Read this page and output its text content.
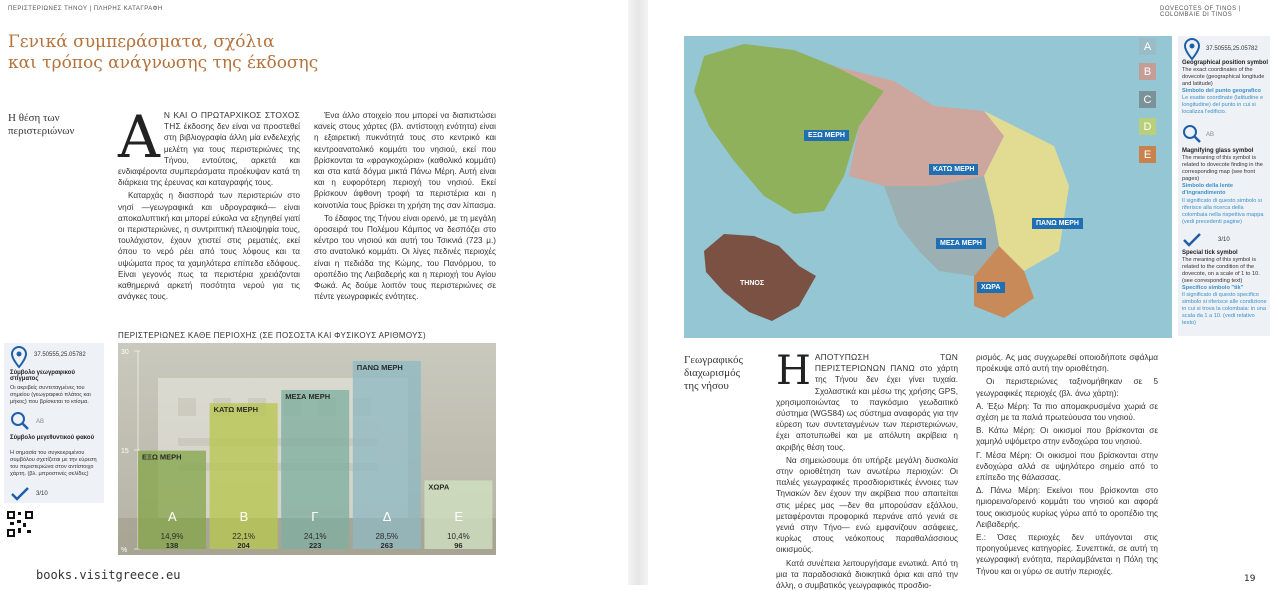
ΠΕΡΙΣΤΕΡΙΩΝΕΣ ΤΗΝΟΥ | ΠΛΗΡΗΣ ΚΑΤΑΓΡΑΦΗ
Γενικά συμπεράσματα, σχόλια
και τρόπος ανάγνωσης της έκδοσης
Η θέση των
περιστεριώνων Α Ν ΚΑΙ Ο ΠΡΩΤΑΡΧΙΚΟΣ ΣΤΟΧΟΣ ΤΗΣ έκδοσης δεν είναι να προστεθεί στη βιβλιογραφία άλλη μία ενδελεχής μελέτη για τους περιστεριώνες της Τήνου, εντούτοις, αρκετά και ενδιαφέροντα συμπεράσματα προέκυψαν κατά τη διάρκεια της έρευνας και καταγραφής τους.

Καταρχάς η διασπορά των περιστεριών στο νησί —γεωγραφικά και υδρογραφικά— είναι αποκαλυπτική και μπορεί εύκολα να εξηγηθεί γιατί οι περιστεριώνες, η συντριπτική πλειοψηφία τους, τουλάχιστον, έχουν χτιστεί στις ρεματιές, εκεί όπου το νερό ρέει από τους λόφους και τα υψώματα προς τα χαμηλότερα επίπεδα εδάφους. Είναι γεγονός πως τα περιστέρια χρειάζονται καθημερινά αρκετή ποσότητα νερού για τις ανάγκες τους.

Ένα άλλο στοιχείο που μπορεί να διαπιστώσει κανείς στους χάρτες (βλ. αντίστοιχη ενότητα) είναι η εξαιρετική πυκνότητά τους στο κεντρικό και κεντροανατολικό κομμάτι του νησιού, εκεί που βρίσκονται τα «φραγκοχώρια» (καθολικό κομμάτι) και στα κατά δόγμα μικτά Πάνω Μέρη. Αυτή είναι και η ευφορότερη περιοχή του νησιού. Εκεί βρίσκουν άφθονη τροφή τα περιστέρια και η κοινοτιλία τους βρίσκει τη χρήση της σαν λίπασμα.

Το έδαφος της Τήνου είναι ορεινό, με τη μεγάλη οροσειρά του Πολέμου Κάμπος να δεσπόζει στο κέντρο του νησιού και αυτή του Τσικνιά (723 μ.) στο ανατολικό κομμάτι. Οι λίγες πεδινές περιοχές είναι η πεδιάδα της Κώμης, του Πανόρμου, το οροπέδιο της Λειβαδερής και η περιοχή του Αγίου Φωκά. Ας δούμε λοιπόν τους περιστεριώνες σε πέντε γεωγραφικές ενότητες.

ΠΕΡΙΣΤΕΡΙΩΝΕΣ ΚΑΘΕ ΠΕΡΙΟΧΗΣ (ΣΕ ΠΟΣΟΣΤΑ ΚΑΙ ΦΥΣΙΚΟΥΣ ΑΡΙΘΜΟΥΣ)
30
15
%
ΕΞΩ ΜΕΡΗ
Α
14,9%
138
ΚΑΤΩ ΜΕΡΗ
Β
22,1%
204
ΜΕΣΑ ΜΕΡΗ
Γ
24,1%
223
ΠΑΝΩ ΜΕΡΗ
Δ
28,5%
263
ΧΩΡΑ
Ε
10,4%
96
37.50555,25.05782
Σύμβολο γεωγραφικού στίγματος
Οι ακριβείς συντεταγμένες του σημείου (γεωγραφικό πλάτος και μήκος) που βρίσκεται το κτίσμα.
AB
Σύμβολο μεγεθυντικού φακού
Η σημασία του συγκεκριμένου συμβόλου σχετίζεται με την εύρεση του περιστεριώνα στον αντίστοιχο χάρτη. (βλ. μπροστινές σελίδες)
3/10
books.visitgreece.eu
DOVECOTES OF TINOS | COLOMBAIE DI TINOS
ΕΞΩ ΜΕΡΗ
ΚΑΤΩ ΜΕΡΗ
ΠΑΝΩ ΜΕΡΗ
ΜΕΣΑ ΜΕΡΗ
ΧΩΡΑ
ΤΗΝΟΣ
A
B
C
D
E
37.50555,25.05782
Geographical position symbol
The exact coordinates of the dovecote (geographical longitude and latitude)
Simbolo del punto geografico
Le esatte coordinate (latitudine e longitudine) del punto in cui si localizza l'edificio.
AB
Magnifying glass symbol
The meaning of this symbol is related to dovecote finding in the corresponding map (see front pages)
Simbolo della lente d'ingrandimento
Il significato di questo simbolo si riferisce alla ricerca della colombaia nella rispettiva mappa (vedi precedenti pagine)
3/10
Special tick symbol
The meaning of this symbol is related to the condition of the dovecote, on a scale of 1 to 10. (see corresponding text)
Specifico simbolo "tik"
Il significato di questo specifico simbolo si riferisce alle condizione in cui si trova la colombaia: in una scala da 1 a 10. (vedi relativo testo)
Γεωγραφικός
διαχωρισμός
της νήσου	Η ΑΠΟΤΥΠΩΣΗ ΤΩΝ ΠΕΡΙΣΤΕΡΙΩΝΩΝ ΠΑΝΩ στο χάρτη της Τήνου δεν έχει γίνει τυχαία. Σχολαστικά και μέσω της χρήσης GPS, χρησιμοποιώντας το παγκόσμιο γεωδαιτικό σύστημα (WGS84) ως σύστημα αναφοράς για την εύρεση των συντεταγμένων των περιστεριώνων, έχει αποτυπωθεί και με απόλυτη ακρίβεια η ακριβής θέση τους.

Να σημειώσουμε ότι υπήρξε μεγάλη δυσκολία στην οριοθέτηση των ανωτέρω περιοχών: Οι παλιές γεωγραφικές προσδιοριστικές έννοιες των Τηνιακών δεν έχουν την ακρίβεια που απαιτείται στις μέρες μας —δεν θα μπορούσαν εξάλλου, μεταφέρονται προφορικά περνάνε από γενιά σε γενιά στην Τήνο— ενώ εμφανίζουν ασάφειες, κυρίως στους νεόκοπους παραθαλάσσιους οικισμούς.

Κατά συνέπεια λειτουργήσαμε ενωτικά. Από τη μια τα παραδοσιακά διοικητικά όρια και από την άλλη, ο συμβατικός γεωγραφικός προσδιο-

ρισμός. Ας μας συγχωρεθεί οποιοδήποτε σφάλμα προέκυψε από αυτή την οριοθέτηση.

Οι περιστεριώνες ταξινομήθηκαν σε 5 γεωγραφικές περιοχές (βλ. άνω χάρτη):

Α. Έξω Μέρη: Τα πιο απομακρυσμένα χωριά σε σχέση με τα παλιά πρωτεύουσα του νησιού.

Β. Κάτω Μέρη: Οι οικισμοί που βρίσκονται σε χαμηλό υψόμετρο στην ενδοχώρα του νησιού.

Γ. Μέσα Μέρη: Οι οικισμοί που βρίσκονται στην ενδοχώρα αλλά σε υψηλότερο σημείο από το επίπεδο της θάλασσας.

Δ. Πάνω Μέρη: Εκείνοι που βρίσκονται στο ημιορεινο/ορεινό κομμάτι του νησιού και αφορά τους οικισμούς κυρίως γύρω από το οροπέδιο της Λειβαδερής.

Ε.: Όσες περιοχές δεν υπάγονται στις προηγούμενες κατηγορίες. Συνεπτικά, σε αυτή τη γεωγραφική ενότητα, περιλαμβάνεται η Πόλη της Τήνου και οι γύρω σε αυτήν περιοχές.

19
